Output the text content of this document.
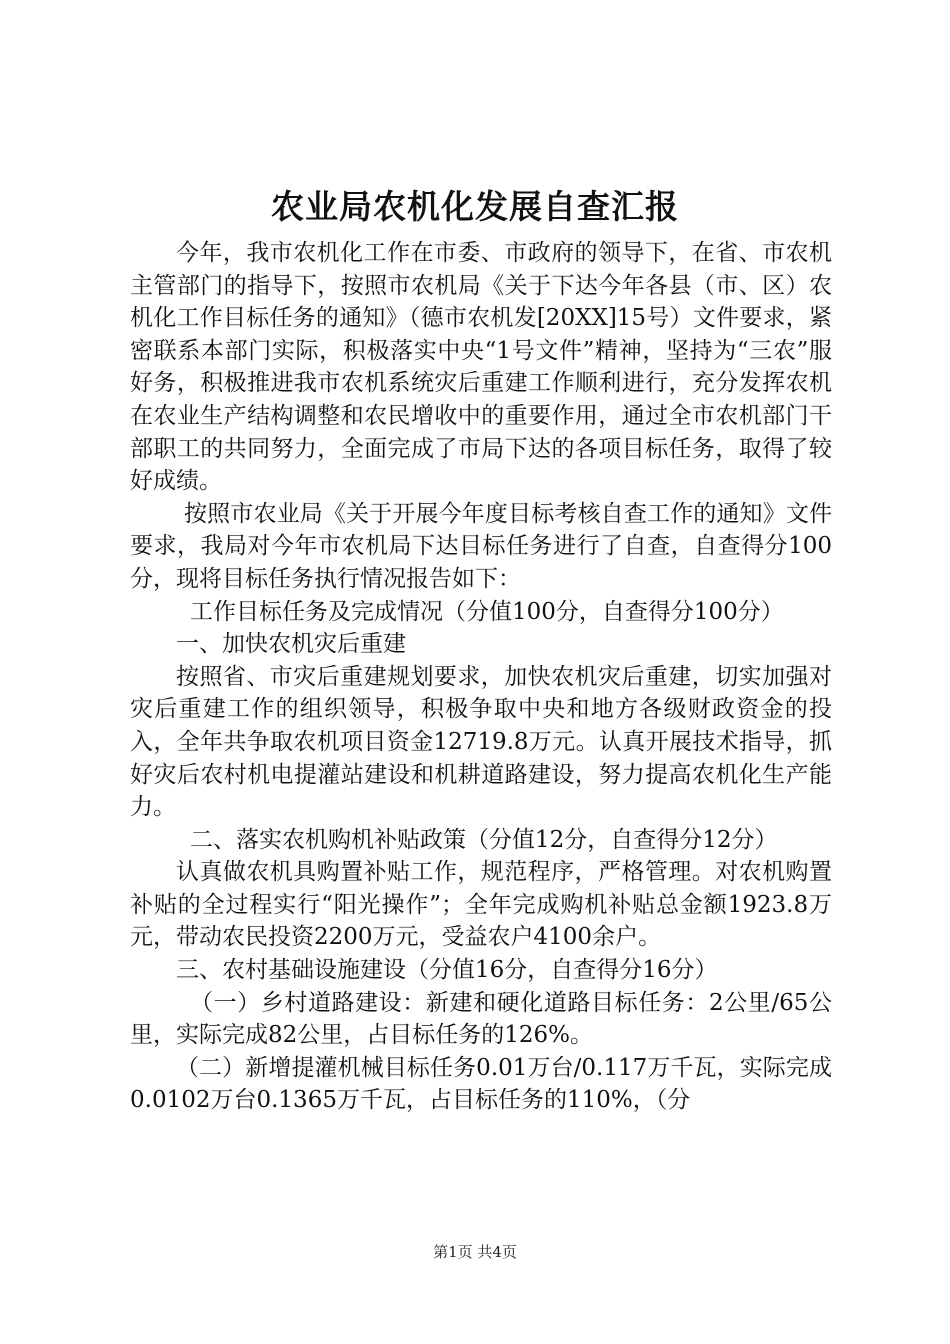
农业局农机化发展自查汇报

今年，我市农机化工作在市委、市政府的领导下，在省、市农机主管部门的指导下，按照市农机局《关于下达今年各县（市、区）农机化工作目标任务的通知》（德市农机发[20XX]15号）文件要求，紧密联系本部门实际，积极落实中央“1号文件”精神，坚持为“三农”服好务，积极推进我市农机系统灾后重建工作顺利进行，充分发挥农机在农业生产结构调整和农民增收中的重要作用，通过全市农机部门干部职工的共同努力，全面完成了市局下达的各项目标任务，取得了较好成绩。

按照市农业局《关于开展今年度目标考核自查工作的通知》文件要求，我局对今年市农机局下达目标任务进行了自查，自查得分100分，现将目标任务执行情况报告如下：

工作目标任务及完成情况（分值100分，自查得分100分）

一、加快农机灾后重建

按照省、市灾后重建规划要求，加快农机灾后重建，切实加强对灾后重建工作的组织领导，积极争取中央和地方各级财政资金的投入，全年共争取农机项目资金12719.8万元。认真开展技术指导，抓好灾后农村机电提灌站建设和机耕道路建设，努力提高农机化生产能力。

二、落实农机购机补贴政策（分值12分，自查得分12分）

认真做农机具购置补贴工作，规范程序，严格管理。对农机购置补贴的全过程实行“阳光操作”；全年完成购机补贴总金额1923.8万元，带动农民投资2200万元，受益农户4100余户。

三、农村基础设施建设（分值16分，自查得分16分）

（一）乡村道路建设：新建和硬化道路目标任务：2公里/65公里，实际完成82公里，占目标任务的126%。

（二）新增提灌机械目标任务0.01万台/0.117万千瓦，实际完成0.0102万台0.1365万千瓦，占目标任务的110%，（分

第1页 共4页
